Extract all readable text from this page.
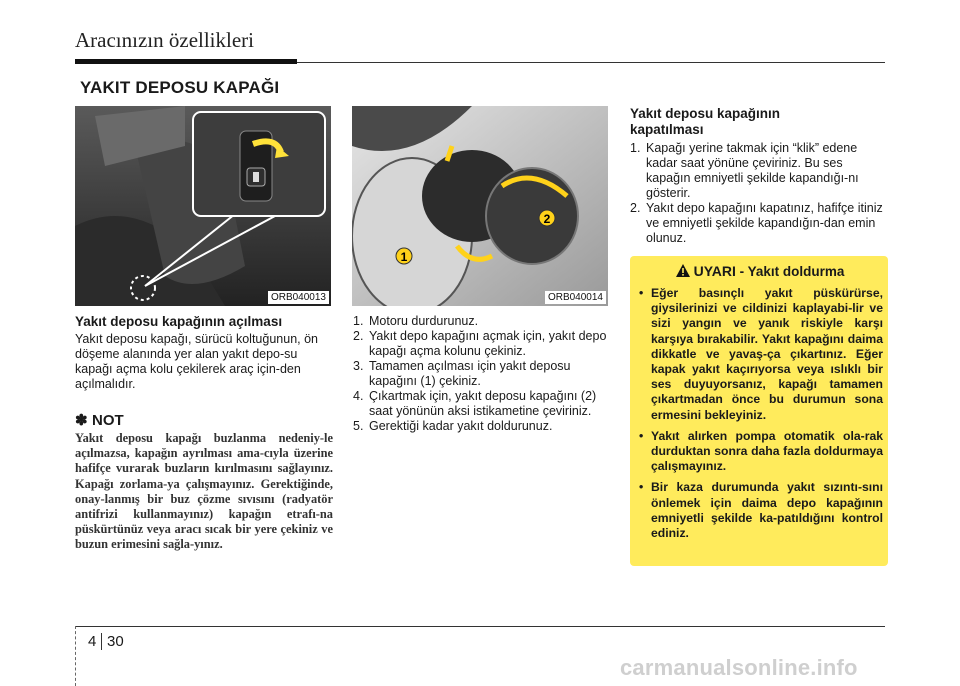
Aracınızın özellikleri
YAKIT DEPOSU KAPAĞI
ORB040013
1
2
ORB040014
Yakıt deposu kapağının açılması
Yakıt deposu kapağı, sürücü koltuğunun, ön döşeme alanında yer alan yakıt depo-su kapağı açma kolu çekilerek araç için-den açılmalıdır.
✽ NOT
Yakıt deposu kapağı buzlanma nedeniy-le açılmazsa, kapağın ayrılması ama-cıyla üzerine hafifçe vurarak buzların kırılmasını sağlayınız. Kapağı zorlama-ya çalışmayınız. Gerektiğinde, onay-lanmış bir buz çözme sıvısını (radyatör antifrizi kullanmayınız) kapağın etrafı-na püskürtünüz veya aracı sıcak bir yere çekiniz ve buzun erimesini sağla-yınız.
1. Motoru durdurunuz.
2. Yakıt depo kapağını açmak için, yakıt depo kapağı açma kolunu çekiniz.
3. Tamamen açılması için yakıt deposu kapağını (1) çekiniz.
4. Çıkartmak için, yakıt deposu kapağını (2) saat yönünün aksi istikametine çeviriniz.
5. Gerektiği kadar yakıt doldurunuz.
Yakıt deposu kapağının kapatılması
1. Kapağı yerine takmak için “klik” edene kadar saat yönüne çeviriniz. Bu ses kapağın emniyetli şekilde kapandığı-nı gösterir.
2. Yakıt depo kapağını kapatınız, hafifçe itiniz ve emniyetli şekilde kapandığın-dan emin olunuz.
UYARI - Yakıt doldurma
• Eğer basınçlı yakıt püskürürse, giysilerinizi ve cildinizi kaplayabi-lir ve sizi yangın ve yanık riskiyle karşı karşıya bırakabilir. Yakıt kapağını daima dikkatle ve yavaş-ça çıkartınız. Eğer kapak yakıt kaçırıyorsa veya ıslıklı bir ses duyuyorsanız, kapağı tamamen çıkartmadan önce bu durumun sona ermesini bekleyiniz.
• Yakıt alırken pompa otomatik ola-rak durduktan sonra daha fazla doldurmaya çalışmayınız.
• Bir kaza durumunda yakıt sızıntı-sını önlemek için daima depo kapağının emniyetli şekilde ka-patıldığını kontrol ediniz.
4 30
carmanualsonline.info
